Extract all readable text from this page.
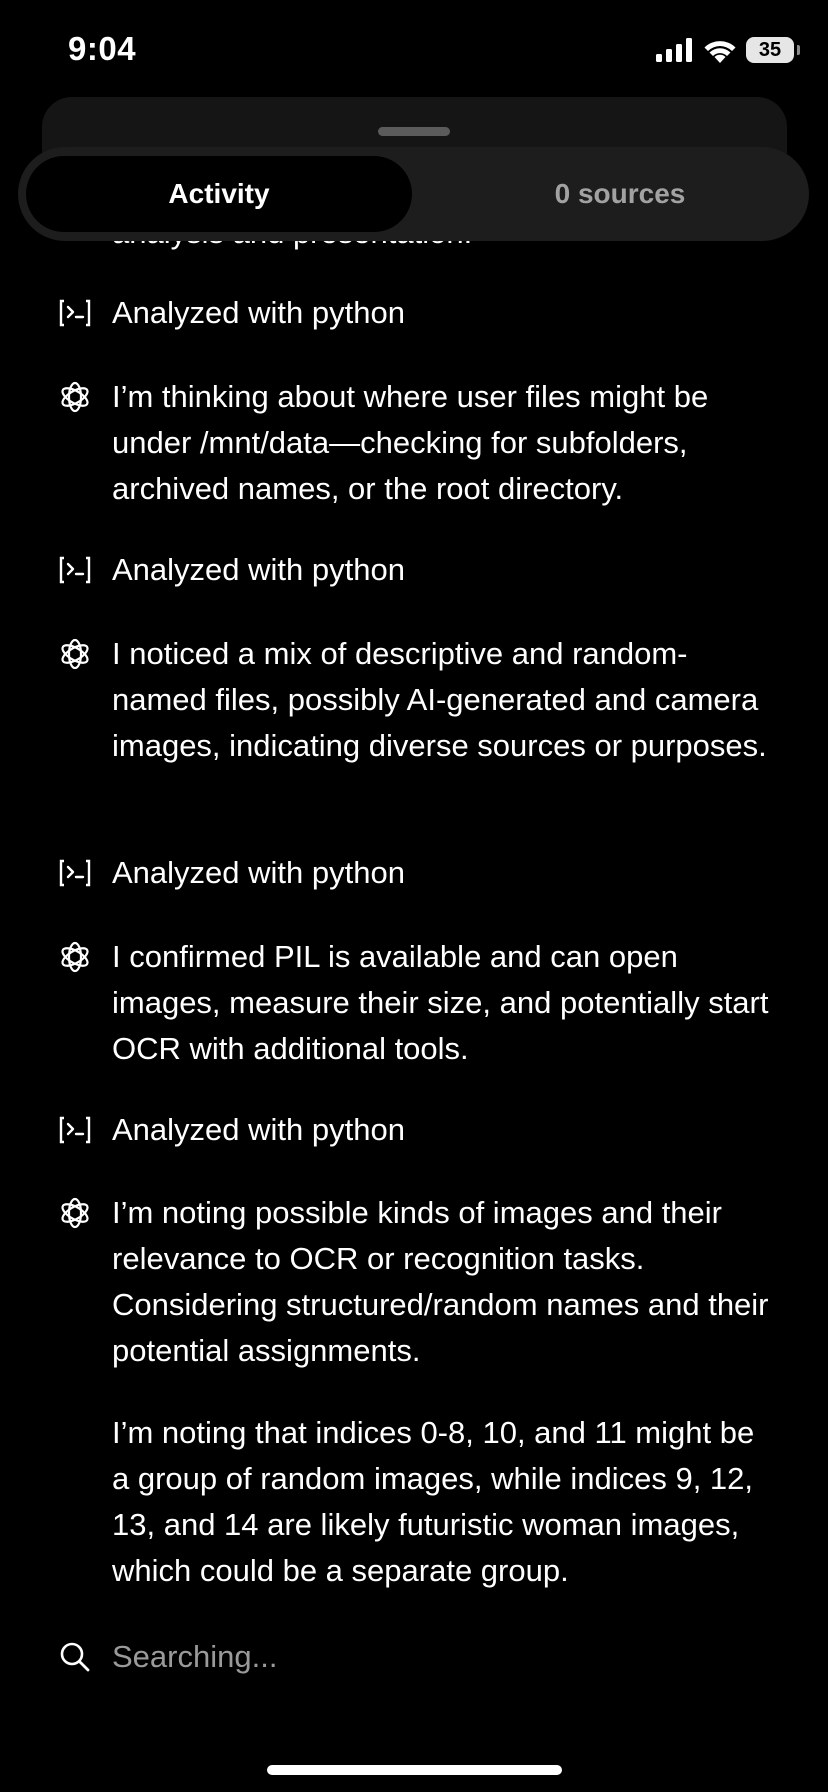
9:04	35
Activity	0 sources

Analyzed with python

I’m thinking about where user files might be under /mnt/data—checking for subfolders, archived names, or the root directory.

Analyzed with python

I noticed a mix of descriptive and random-named files, possibly AI-generated and camera images, indicating diverse sources or purposes.

Analyzed with python

I confirmed PIL is available and can open images, measure their size, and potentially start OCR with additional tools.

Analyzed with python

I’m noting possible kinds of images and their relevance to OCR or recognition tasks. Considering structured/random names and their potential assignments.

I’m noting that indices 0-8, 10, and 11 might be a group of random images, while indices 9, 12, 13, and 14 are likely futuristic woman images, which could be a separate group.

Searching...
